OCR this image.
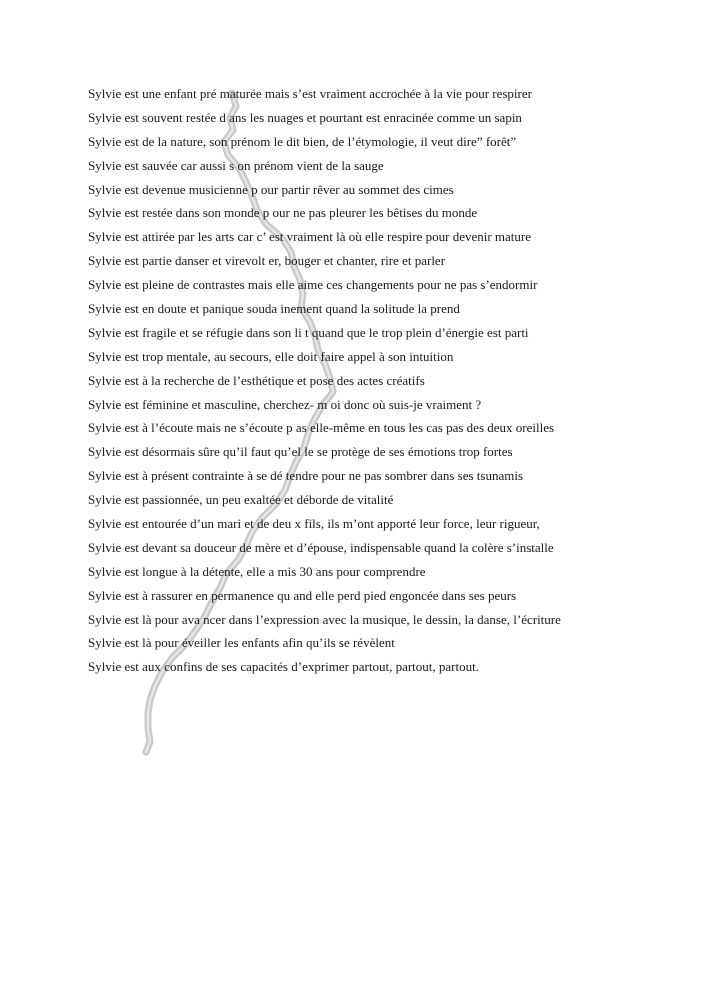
Sylvie est une enfant pré maturée mais s’est vraiment accrochée à la vie pour respirer
Sylvie est souvent restée d ans les nuages et pourtant est enracinée comme un sapin
Sylvie est de la nature, son prénom le dit bien, de l’étymologie, il veut dire” forêt”
Sylvie est sauvée car aussi s on prénom vient de la sauge
Sylvie est devenue musicienne p our partir rêver au sommet des cimes
Sylvie est restée dans son monde p our ne pas pleurer les bêtises du monde
Sylvie est attirée par les arts car c’ est vraiment là où elle respire pour devenir mature
Sylvie est partie danser et virevolt er, bouger et chanter, rire et parler
Sylvie est pleine de contrastes mais elle aime ces changements pour ne pas s’endormir
Sylvie est en doute et panique souda inement quand la solitude la prend
Sylvie est fragile et se réfugie dans son li t quand que le trop plein d’énergie est parti
Sylvie est trop mentale, au secours, elle doit faire appel à son intuition
Sylvie est à la recherche de l’esthétique et pose des actes créatifs
Sylvie est féminine et masculine, cherchez- m oi donc où suis-je vraiment ?
Sylvie est à l’écoute mais ne s’écoute p as elle-même en tous les cas pas des deux oreilles
Sylvie est désormais sûre qu’il faut qu’el le se protège de ses émotions trop fortes
Sylvie est à présent contrainte à se dé tendre pour ne pas sombrer dans ses tsunamis
Sylvie est passionnée, un peu exaltée et déborde de vitalité
Sylvie est entourée d’un mari et de deu x fils, ils m’ont apporté leur force, leur rigueur,
Sylvie est devant sa douceur de mère et d’épouse, indispensable quand la colère s’installe
Sylvie est longue à la détente, elle a mis 30 ans pour comprendre
Sylvie est à rassurer en permanence qu and elle perd pied engoncée dans ses peurs
Sylvie est là pour ava ncer dans l’expression avec la musique, le dessin, la danse, l’écriture
Sylvie est là pour éveiller les enfants afin qu’ils se révèlent
Sylvie est aux confins de ses capacités d’exprimer partout, partout, partout.
